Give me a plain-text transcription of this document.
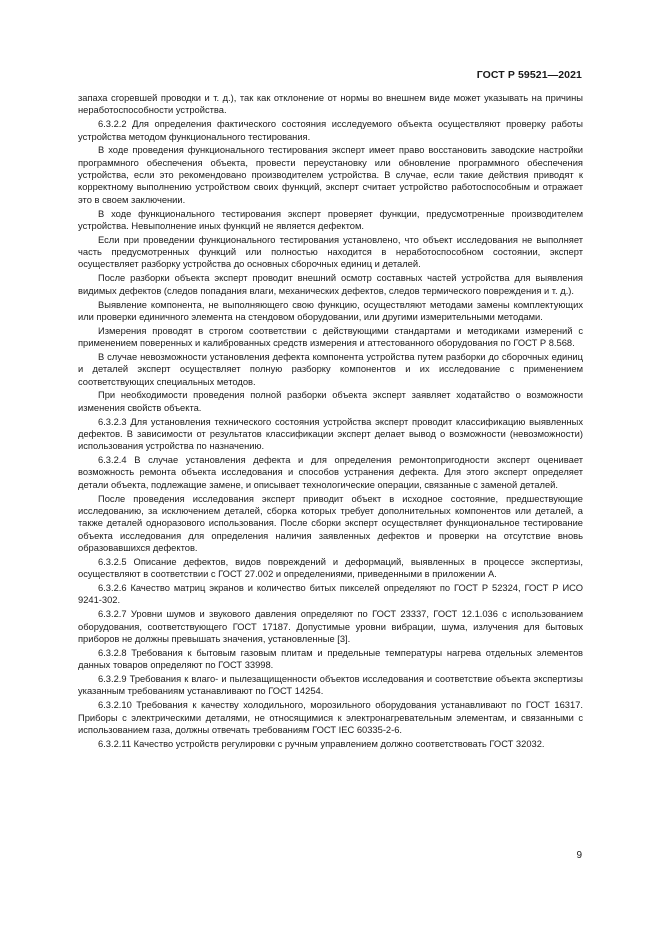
ГОСТ Р 59521—2021

запаха сгоревшей проводки и т. д.), так как отклонение от нормы во внешнем виде может указывать на причины неработоспособности устройства.

6.3.2.2 Для определения фактического состояния исследуемого объекта осуществляют проверку работы устройства методом функционального тестирования.

В ходе проведения функционального тестирования эксперт имеет право восстановить заводские настройки программного обеспечения объекта, провести переустановку или обновление программного обеспечения устройства, если это рекомендовано производителем устройства. В случае, если такие действия приводят к корректному выполнению устройством своих функций, эксперт считает устройство работоспособным и отражает это в своем заключении.

В ходе функционального тестирования эксперт проверяет функции, предусмотренные производителем устройства. Невыполнение иных функций не является дефектом.

Если при проведении функционального тестирования установлено, что объект исследования не выполняет часть предусмотренных функций или полностью находится в неработоспособном состоянии, эксперт осуществляет разборку устройства до основных сборочных единиц и деталей.

После разборки объекта эксперт проводит внешний осмотр составных частей устройства для выявления видимых дефектов (следов попадания влаги, механических дефектов, следов термического повреждения и т. д.).

Выявление компонента, не выполняющего свою функцию, осуществляют методами замены комплектующих или проверки единичного элемента на стендовом оборудовании, или другими измерительными методами.

Измерения проводят в строгом соответствии с действующими стандартами и методиками измерений с применением поверенных и калиброванных средств измерения и аттестованного оборудования по ГОСТ Р 8.568.

В случае невозможности установления дефекта компонента устройства путем разборки до сборочных единиц и деталей эксперт осуществляет полную разборку компонентов и их исследование с применением соответствующих специальных методов.

При необходимости проведения полной разборки объекта эксперт заявляет ходатайство о возможности изменения свойств объекта.

6.3.2.3 Для установления технического состояния устройства эксперт проводит классификацию выявленных дефектов. В зависимости от результатов классификации эксперт делает вывод о возможности (невозможности) использования устройства по назначению.

6.3.2.4 В случае установления дефекта и для определения ремонтопригодности эксперт оценивает возможность ремонта объекта исследования и способов устранения дефекта. Для этого эксперт определяет детали объекта, подлежащие замене, и описывает технологические операции, связанные с заменой деталей.

После проведения исследования эксперт приводит объект в исходное состояние, предшествующие исследованию, за исключением деталей, сборка которых требует дополнительных компонентов или деталей, а также деталей одноразового использования. После сборки эксперт осуществляет функциональное тестирование объекта исследования для определения наличия заявленных дефектов и проверки на отсутствие вновь образовавшихся дефектов.

6.3.2.5 Описание дефектов, видов повреждений и деформаций, выявленных в процессе экспертизы, осуществляют в соответствии с ГОСТ 27.002 и определениями, приведенными в приложении А.

6.3.2.6 Качество матриц экранов и количество битых пикселей определяют по ГОСТ Р 52324, ГОСТ Р ИСО 9241-302.

6.3.2.7 Уровни шумов и звукового давления определяют по ГОСТ 23337, ГОСТ 12.1.036 с использованием оборудования, соответствующего ГОСТ 17187. Допустимые уровни вибрации, шума, излучения для бытовых приборов не должны превышать значения, установленные [3].

6.3.2.8 Требования к бытовым газовым плитам и предельные температуры нагрева отдельных элементов данных товаров определяют по ГОСТ 33998.

6.3.2.9 Требования к влаго- и пылезащищенности объектов исследования и соответствие объекта экспертизы указанным требованиям устанавливают по ГОСТ 14254.

6.3.2.10 Требования к качеству холодильного, морозильного оборудования устанавливают по ГОСТ 16317. Приборы с электрическими деталями, не относящимися к электронагревательным элементам, и связанными с использованием газа, должны отвечать требованиям ГОСТ IEC 60335-2-6.

6.3.2.11 Качество устройств регулировки с ручным управлением должно соответствовать ГОСТ 32032.

9
